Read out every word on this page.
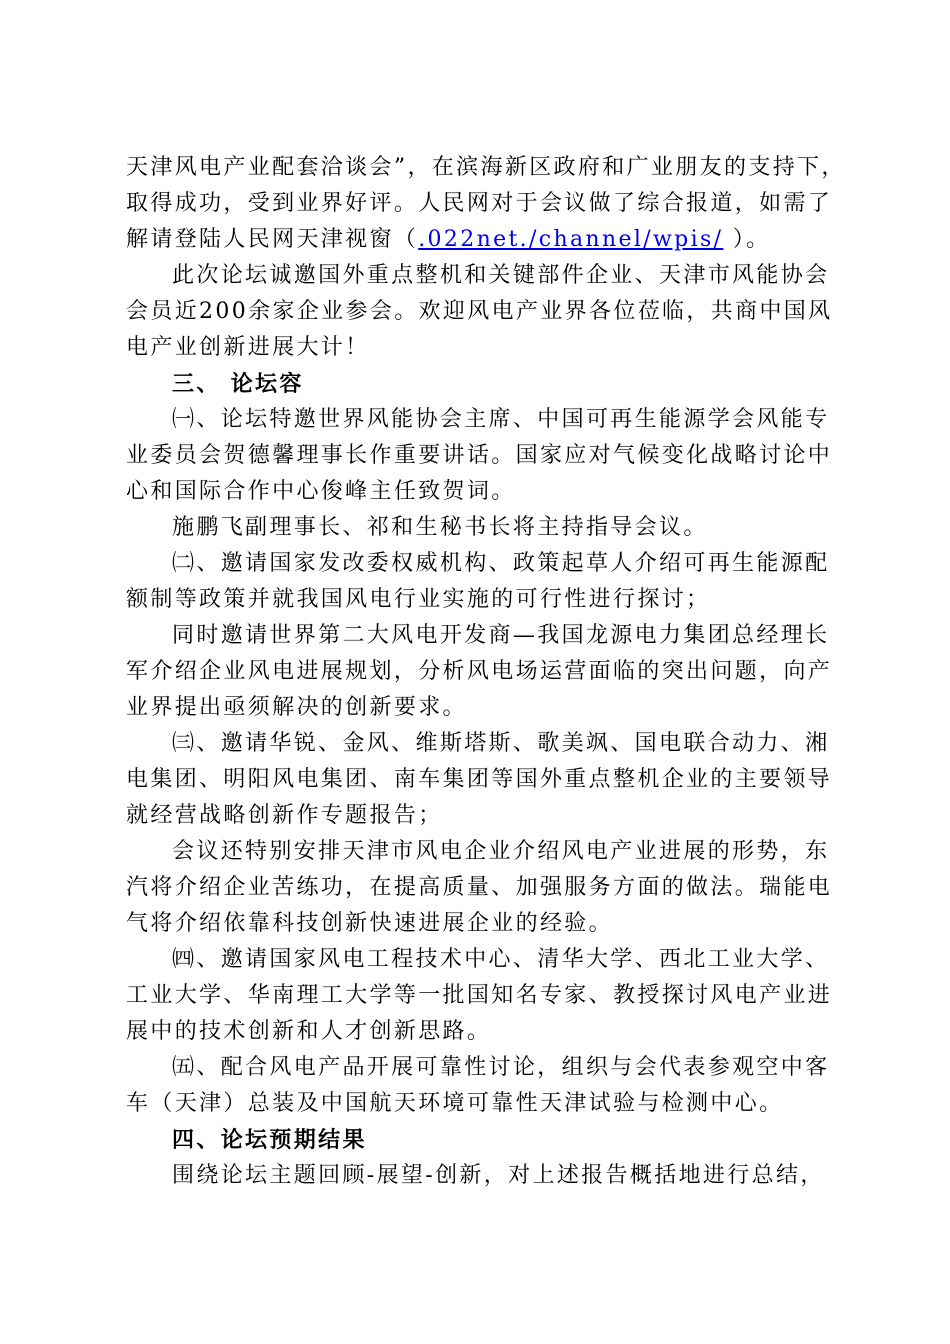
天津风电产业配套洽谈会”，在滨海新区政府和广业朋友的支持下，
取得成功，受到业界好评。人民网对于会议做了综合报道，如需了
解请登陆人民网天津视窗（.022net./channel/wpis/ ）。
此次论坛诚邀国外重点整机和关键部件企业、天津市风能协会
会员近200余家企业参会。欢迎风电产业界各位莅临，共商中国风
电产业创新进展大计！
三、 论坛容
㈠、论坛特邀世界风能协会主席、中国可再生能源学会风能专
业委员会贺德馨理事长作重要讲话。国家应对气候变化战略讨论中
心和国际合作中心俊峰主任致贺词。
施鹏飞副理事长、祁和生秘书长将主持指导会议。
㈡、邀请国家发改委权威机构、政策起草人介绍可再生能源配
额制等政策并就我国风电行业实施的可行性进行探讨；
同时邀请世界第二大风电开发商—我国龙源电力集团总经理长
军介绍企业风电进展规划，分析风电场运营面临的突出问题，向产
业界提出亟须解决的创新要求。
㈢、邀请华锐、金风、维斯塔斯、歌美飒、国电联合动力、湘
电集团、明阳风电集团、南车集团等国外重点整机企业的主要领导
就经营战略创新作专题报告；
会议还特别安排天津市风电企业介绍风电产业进展的形势，东
汽将介绍企业苦练功，在提高质量、加强服务方面的做法。瑞能电
气将介绍依靠科技创新快速进展企业的经验。
㈣、邀请国家风电工程技术中心、清华大学、西北工业大学、
工业大学、华南理工大学等一批国知名专家、教授探讨风电产业进
展中的技术创新和人才创新思路。
㈤、配合风电产品开展可靠性讨论，组织与会代表参观空中客
车（天津）总装及中国航天环境可靠性天津试验与检测中心。
四、论坛预期结果
围绕论坛主题回顾-展望-创新，对上述报告概括地进行总结，
